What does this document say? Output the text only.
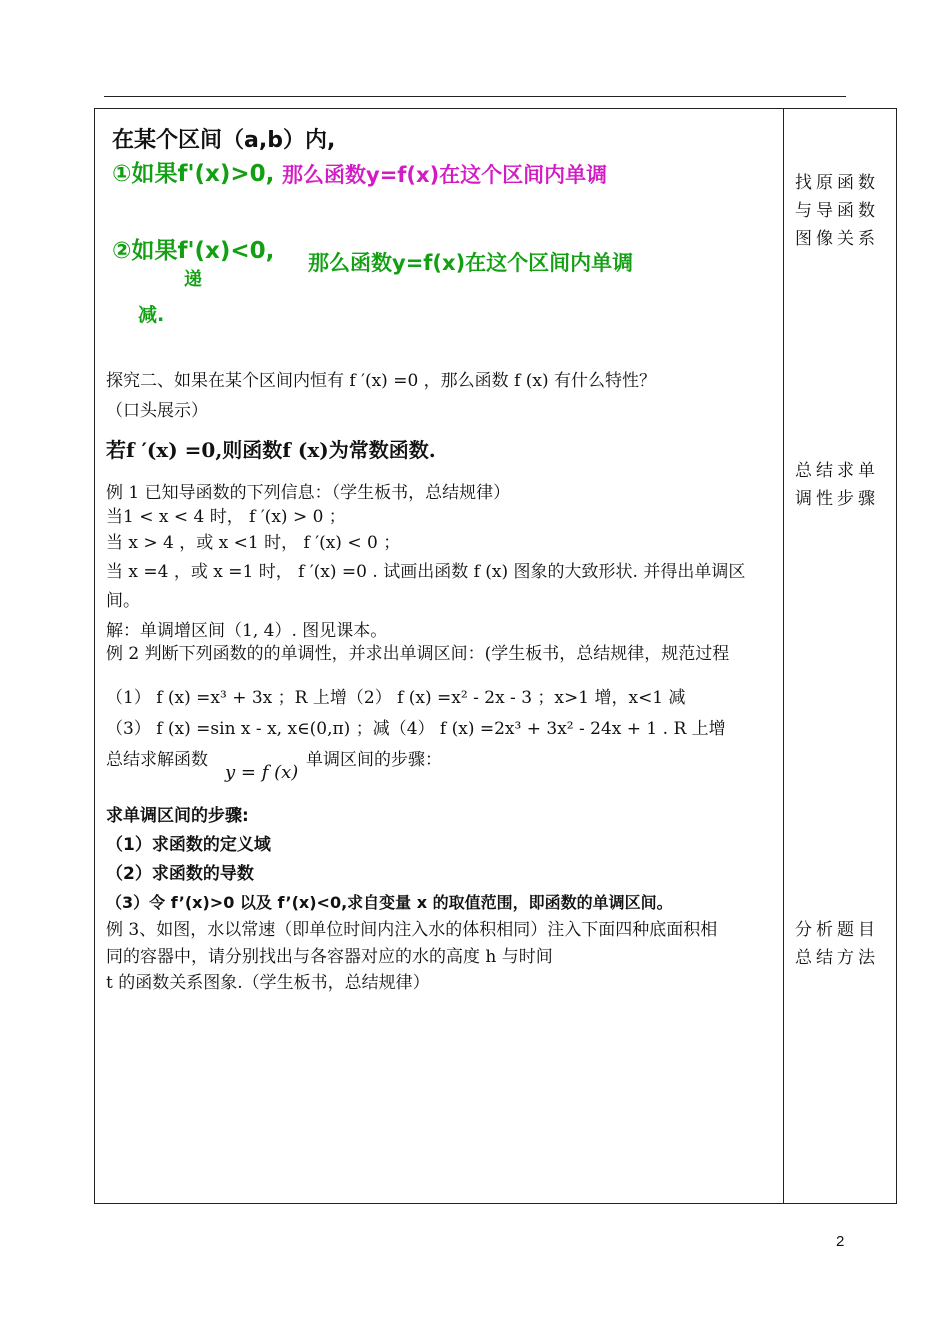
在某个区间（a,b）内,
①如果f'(x)>0, 那么函数y=f(x)在这个区间内单调
②如果f'(x)<0, 那么函数y=f(x)在这个区间内单调
递
减.
探究二、如果在某个区间内恒有 f ′(x) =0 ，那么函数 f (x) 有什么特性？
（口头展示）
若f ′(x) =0,则函数f (x)为常数函数.
例 1 已知导函数的下列信息：（学生板书，总结规律）
当1 < x < 4 时， f ′(x) > 0 ；
当 x > 4 ，或 x <1 时， f ′(x) < 0 ；
当 x =4 ，或 x =1 时， f ′(x) =0 . 试画出函数 f (x) 图象的大致形状. 并得出单调区
间。
解：单调增区间（1, 4）. 图见课本。
例 2 判断下列函数的的单调性，并求出单调区间：(学生板书，总结规律，规范过程
（1） f (x) =x³ + 3x ；R 上增（2） f (x) =x² - 2x - 3 ；x>1 增，x<1 减
（3） f (x) =sin x - x, x∈(0,π) ；减（4） f (x) =2x³ + 3x² - 24x + 1 . R 上增
总结求解函数
y = f (x)
单调区间的步骤：
求单调区间的步骤:
（1）求函数的定义域
（2）求函数的导数
（3）令 f’(x)>0 以及 f’(x)<0,求自变量 x 的取值范围，即函数的单调区间。
例 3、如图，水以常速（即单位时间内注入水的体积相同）注入下面四种底面积相
同的容器中，请分别找出与各容器对应的水的高度 h 与时间
t 的函数关系图象.（学生板书，总结规律）
找原函数与导函数图像关系
总结求单调性步骤
分析题目总结方法
2
